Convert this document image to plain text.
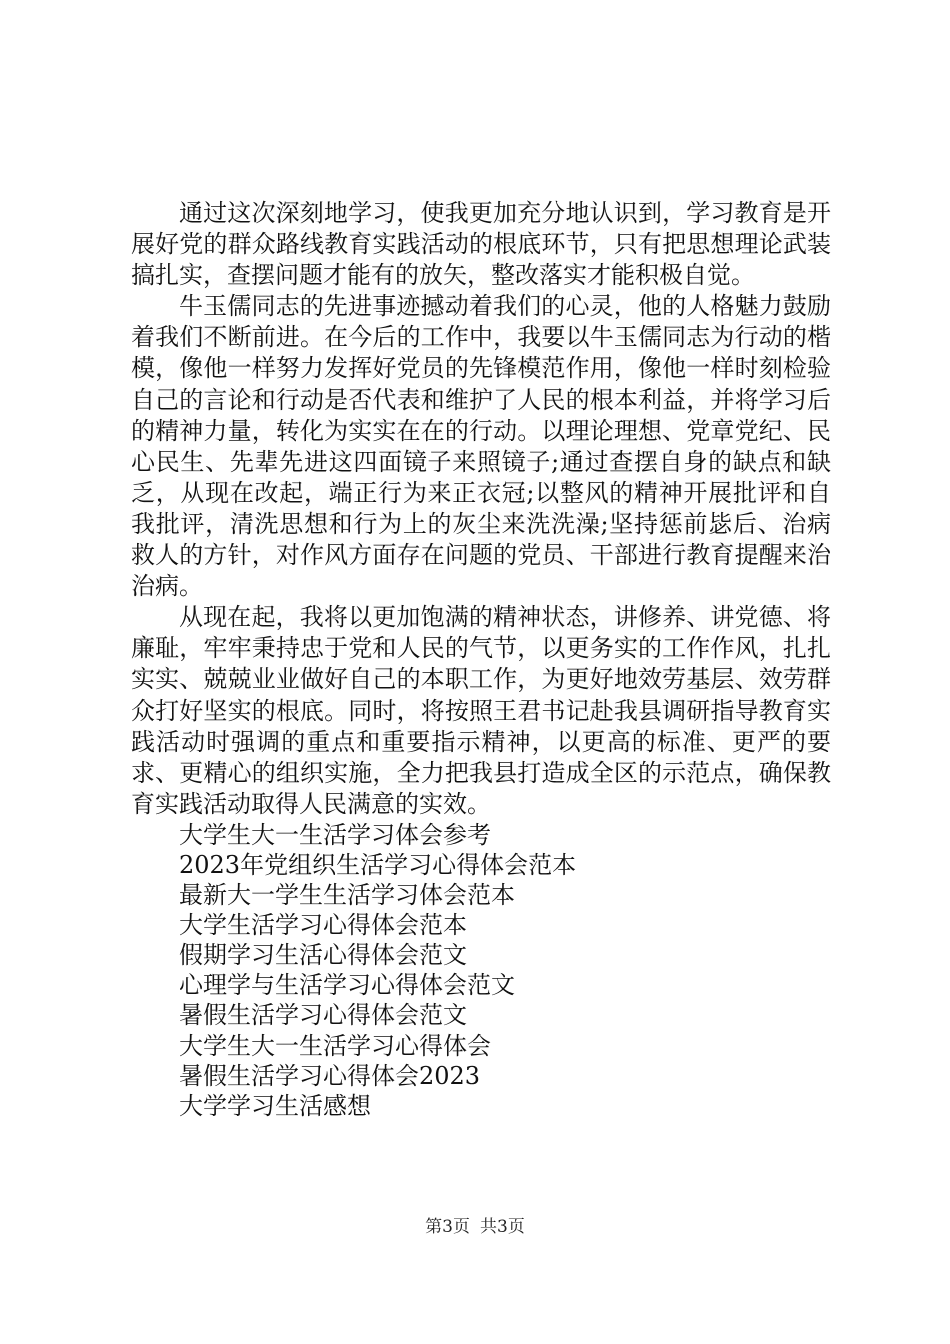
通过这次深刻地学习，使我更加充分地认识到，学习教育是开展好党的群众路线教育实践活动的根底环节，只有把思想理论武装搞扎实，查摆问题才能有的放矢，整改落实才能积极自觉。

牛玉儒同志的先进事迹撼动着我们的心灵，他的人格魅力鼓励着我们不断前进。在今后的工作中，我要以牛玉儒同志为行动的楷模，像他一样努力发挥好党员的先锋模范作用，像他一样时刻检验自己的言论和行动是否代表和维护了人民的根本利益，并将学习后的精神力量，转化为实实在在的行动。以理论理想、党章党纪、民心民生、先辈先进这四面镜子来照镜子;通过查摆自身的缺点和缺乏，从现在改起，端正行为来正衣冠;以整风的精神开展批评和自我批评，清洗思想和行为上的灰尘来洗洗澡;坚持惩前毖后、治病救人的方针，对作风方面存在问题的党员、干部进行教育提醒来治治病。

从现在起，我将以更加饱满的精神状态，讲修养、讲党德、将廉耻，牢牢秉持忠于党和人民的气节，以更务实的工作作风，扎扎实实、兢兢业业做好自己的本职工作，为更好地效劳基层、效劳群众打好坚实的根底。同时，将按照王君书记赴我县调研指导教育实践活动时强调的重点和重要指示精神，以更高的标准、更严的要求、更精心的组织实施，全力把我县打造成全区的示范点，确保教育实践活动取得人民满意的实效。

大学生大一生活学习体会参考
2023年党组织生活学习心得体会范本
最新大一学生生活学习体会范本
大学生活学习心得体会范本
假期学习生活心得体会范文
心理学与生活学习心得体会范文
暑假生活学习心得体会范文
大学生大一生活学习心得体会
暑假生活学习心得体会2023
大学学习生活感想
第3页 共3页
